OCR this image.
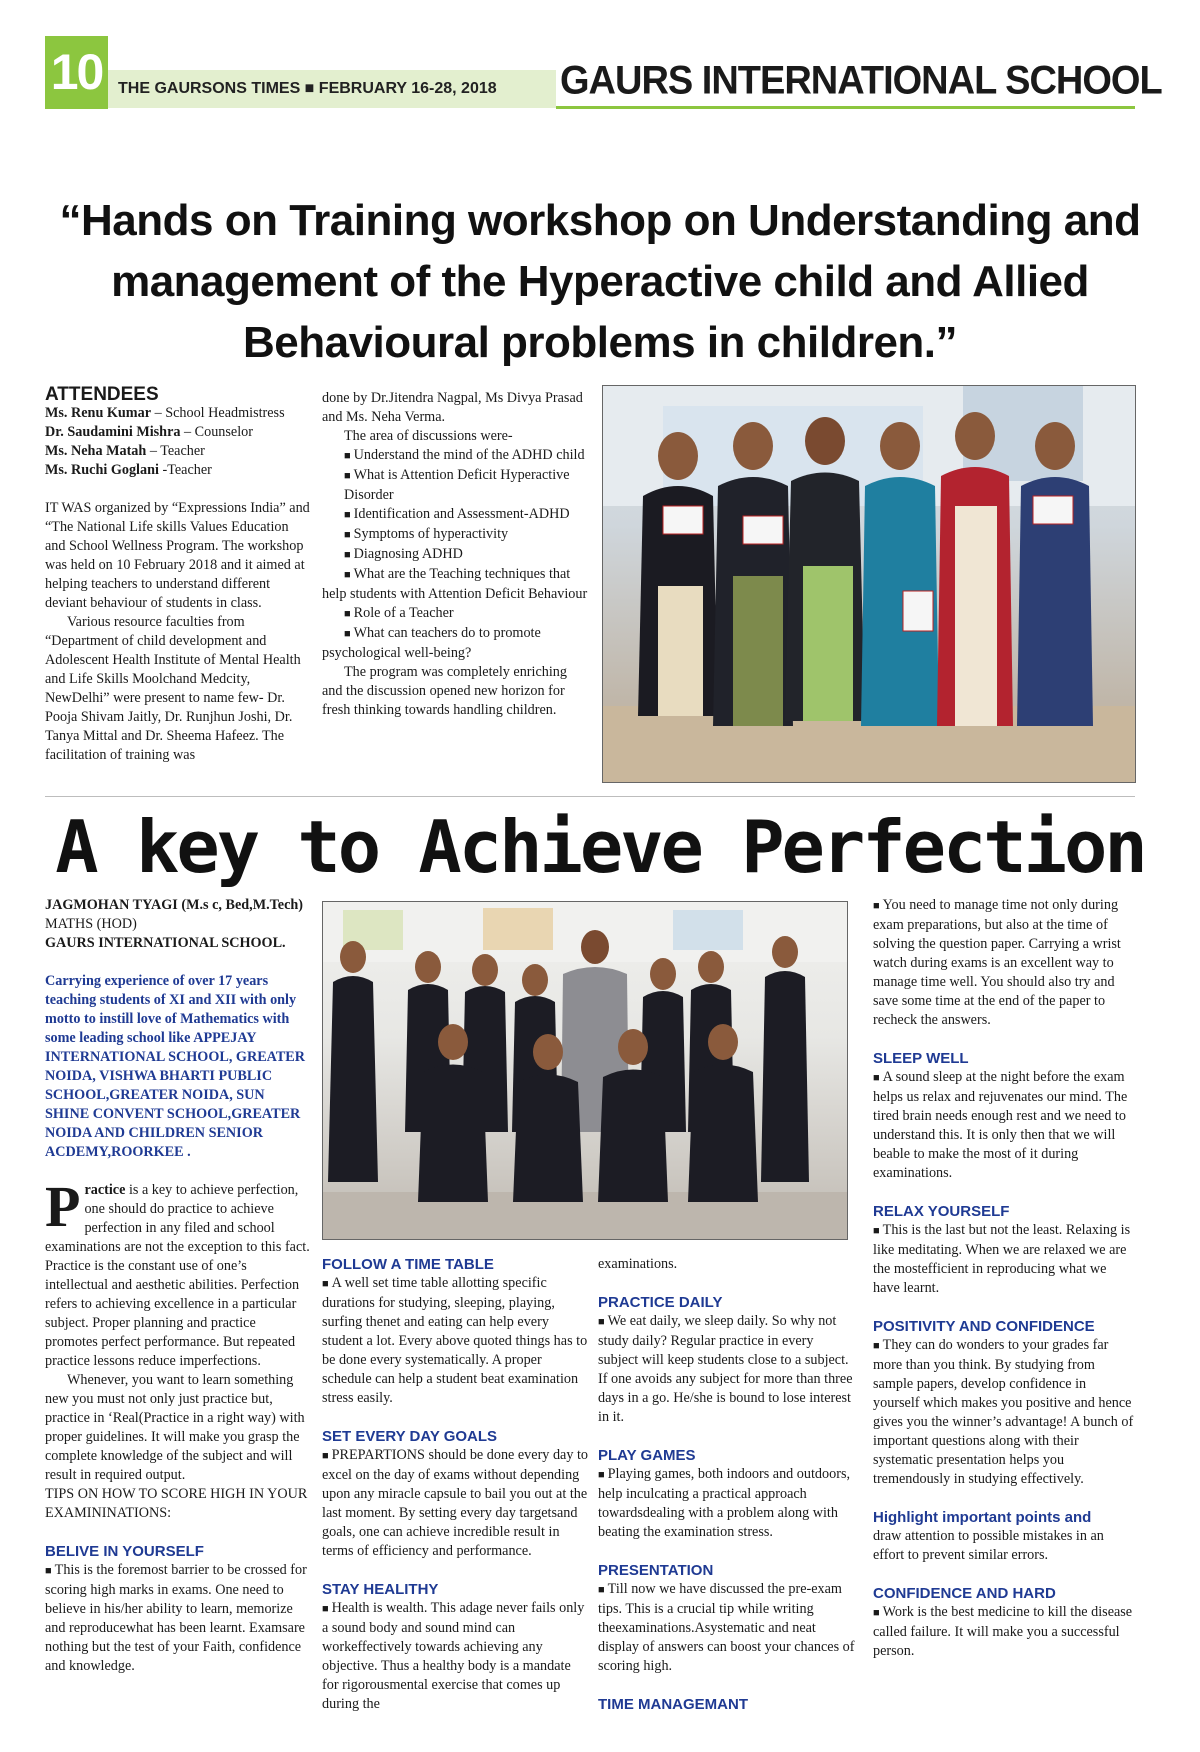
10 THE GAURSONS TIMES ■ FEBRUARY 16-28, 2018 GAURS INTERNATIONAL SCHOOL
“Hands on Training workshop on Understanding and management of the Hyperactive child and Allied Behavioural problems in children.”

ATTENDEES

Ms. Renu Kumar – School Headmistress

Dr. Saudamini Mishra – Counselor

Ms. Neha Matah – Teacher

Ms. Ruchi Goglani -Teacher

IT WAS organized by “Expressions India” and “The National Life skills Values Education and School Wellness Program. The workshop was held on 10 February 2018 and it aimed at helping teachers to understand different deviant behaviour of students in class.

Various resource faculties from “Department of child development and Adolescent Health Institute of Mental Health and Life Skills Moolchand Medcity, NewDelhi” were present to name few- Dr. Pooja Shivam Jaitly, Dr. Runjhun Joshi, Dr. Tanya Mittal and Dr. Sheema Hafeez. The facilitation of training was

done by Dr.Jitendra Nagpal, Ms Divya Prasad and Ms. Neha Verma.

The area of discussions were-

■ Understand the mind of the ADHD child

■ What is Attention Deficit Hyperactive Disorder

■ Identification and Assessment-ADHD

■ Symptoms of hyperactivity

■ Diagnosing ADHD

■ What are the Teaching techniques that help students with Attention Deficit Behaviour

■ Role of a Teacher

■ What can teachers do to promote psychological well-being?

The program was completely enriching and the discussion opened new horizon for fresh thinking towards handling children.

A key to Achieve Perfection

JAGMOHAN TYAGI (M.s c, Bed,M.Tech)

MATHS (HOD)

GAURS INTERNATIONAL SCHOOL.

Carrying experience of over 17 years teaching students of XI and XII with only motto to instill love of Mathematics with some leading school like APPEJAY INTERNATIONAL SCHOOL, GREATER NOIDA, VISHWA BHARTI PUBLIC SCHOOL,GREATER NOIDA, SUN SHINE CONVENT SCHOOL,GREATER NOIDA AND CHILDREN SENIOR ACDEMY,ROORKEE .

Practice is a key to achieve perfection, one should do practice to achieve perfection in any filed and school examinations are not the exception to this fact. Practice is the constant use of one’s intellectual and aesthetic abilities. Perfection refers to achieving excellence in a particular subject. Proper planning and practice promotes perfect performance. But repeated practice lessons reduce imperfections.

Whenever, you want to learn something new you must not only just practice but, practice in ‘Real(Practice in a right way) with proper guidelines. It will make you grasp the complete knowledge of the subject and will result in required output.

TIPS ON HOW TO SCORE HIGH IN YOUR EXAMININATIONS:

BELIVE IN YOURSELF

■ This is the foremost barrier to be crossed for scoring high marks in exams. One need to believe in his/her ability to learn, memorize and reproducewhat has been learnt. Examsare nothing but the test of your Faith, confidence and knowledge.

FOLLOW A TIME TABLE

■ A well set time table allotting specific durations for studying, sleeping, playing, surfing thenet and eating can help every student a lot. Every above quoted things has to be done every systematically. A proper schedule can help a student beat examination stress easily.

SET EVERY DAY GOALS

■ PREPARTIONS should be done every day to excel on the day of exams without depending upon any miracle capsule to bail you out at the last moment. By setting every day targetsand goals, one can achieve incredible result in terms of efficiency and performance.

STAY HEALITHY

■ Health is wealth. This adage never fails only a sound body and sound mind can workeffectively towards achieving any objective. Thus a healthy body is a mandate for rigorousmental exercise that comes up during the

examinations.

PRACTICE DAILY

■ We eat daily, we sleep daily. So why not study daily? Regular practice in every subject will keep students close to a subject. If one avoids any subject for more than three days in a go. He/she is bound to lose interest in it.

PLAY GAMES

■ Playing games, both indoors and outdoors, help inculcating a practical approach towardsdealing with a problem along with beating the examination stress.

PRESENTATION

■ Till now we have discussed the pre-exam tips. This is a crucial tip while writing theexaminations.Asystematic and neat display of answers can boost your chances of scoring high.

TIME MANAGEMANT

■ You need to manage time not only during exam preparations, but also at the time of solving the question paper. Carrying a wrist watch during exams is an excellent way to manage time well. You should also try and save some time at the end of the paper to recheck the answers.

SLEEP WELL

■ A sound sleep at the night before the exam helps us relax and rejuvenates our mind. The tired brain needs enough rest and we need to understand this. It is only then that we will beable to make the most of it during examinations.

RELAX YOURSELF

■ This is the last but not the least. Relaxing is like meditating. When we are relaxed we are the mostefficient in reproducing what we have learnt.

POSITIVITY AND CONFIDENCE

■ They can do wonders to your grades far more than you think. By studying from sample papers, develop confidence in yourself which makes you positive and hence gives you the winner’s advantage! A bunch of important questions along with their systematic presentation helps you tremendously in studying effectively.

Highlight important points and

draw attention to possible mistakes in an effort to prevent similar errors.

CONFIDENCE AND HARD

■ Work is the best medicine to kill the disease called failure. It will make you a successful person.
